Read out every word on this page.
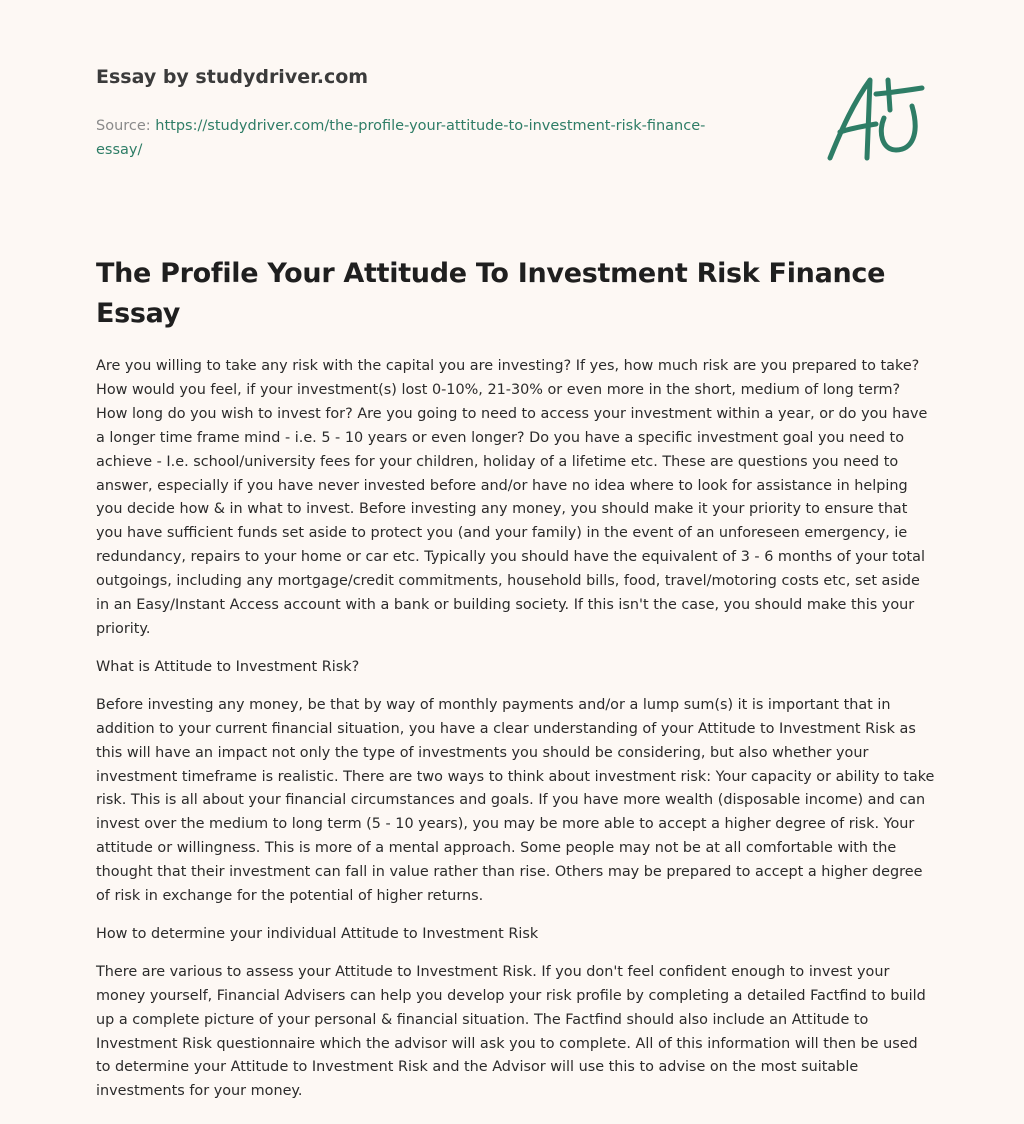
Essay by studydriver.com
Source: https://studydriver.com/the-profile-your-attitude-to-investment-risk-finance-
essay/
The Profile Your Attitude To Investment Risk Finance Essay

Are you willing to take any risk with the capital you are investing? If yes, how much risk are you prepared to take? How would you feel, if your investment(s) lost 0-10%, 21-30% or even more in the short, medium of long term? How long do you wish to invest for? Are you going to need to access your investment within a year, or do you have a longer time frame mind - i.e. 5 - 10 years or even longer? Do you have a specific investment goal you need to achieve - I.e. school/university fees for your children, holiday of a lifetime etc. These are questions you need to answer, especially if you have never invested before and/or have no idea where to look for assistance in helping you decide how & in what to invest. Before investing any money, you should make it your priority to ensure that you have sufficient funds set aside to protect you (and your family) in the event of an unforeseen emergency, ie redundancy, repairs to your home or car etc. Typically you should have the equivalent of 3 - 6 months of your total outgoings, including any mortgage/credit commitments, household bills, food, travel/motoring costs etc, set aside in an Easy/Instant Access account with a bank or building society. If this isn't the case, you should make this your priority.

What is Attitude to Investment Risk?

Before investing any money, be that by way of monthly payments and/or a lump sum(s) it is important that in addition to your current financial situation, you have a clear understanding of your Attitude to Investment Risk as this will have an impact not only the type of investments you should be considering, but also whether your investment timeframe is realistic. There are two ways to think about investment risk: Your capacity or ability to take risk. This is all about your financial circumstances and goals. If you have more wealth (disposable income) and can invest over the medium to long term (5 - 10 years), you may be more able to accept a higher degree of risk. Your attitude or willingness. This is more of a mental approach. Some people may not be at all comfortable with the thought that their investment can fall in value rather than rise. Others may be prepared to accept a higher degree of risk in exchange for the potential of higher returns.

How to determine your individual Attitude to Investment Risk

There are various to assess your Attitude to Investment Risk. If you don't feel confident enough to invest your money yourself, Financial Advisers can help you develop your risk profile by completing a detailed Factfind to build up a complete picture of your personal & financial situation. The Factfind should also include an Attitude to Investment Risk questionnaire which the advisor will ask you to complete. All of this information will then be used to determine your Attitude to Investment Risk and the Advisor will use this to advise on the most suitable investments for your money.
